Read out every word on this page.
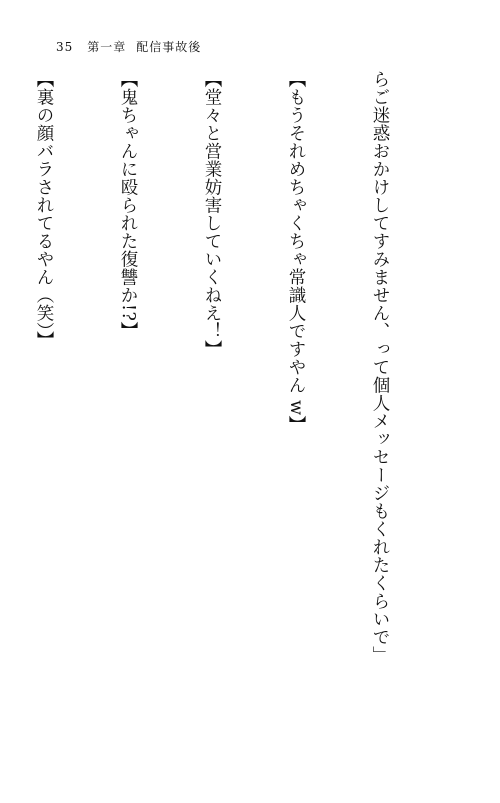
35 第一章 配信事故後

らご迷惑おかけしてすみません、って個人メッセージもくれたくらいで」

【もうそれめちゃくちゃ常識人ですやん w】

【堂々と営業妨害していくねえ！】

【鬼ちゃんに殴られた復讐か!?】

【裏の顔バラされてるやん（笑）】
